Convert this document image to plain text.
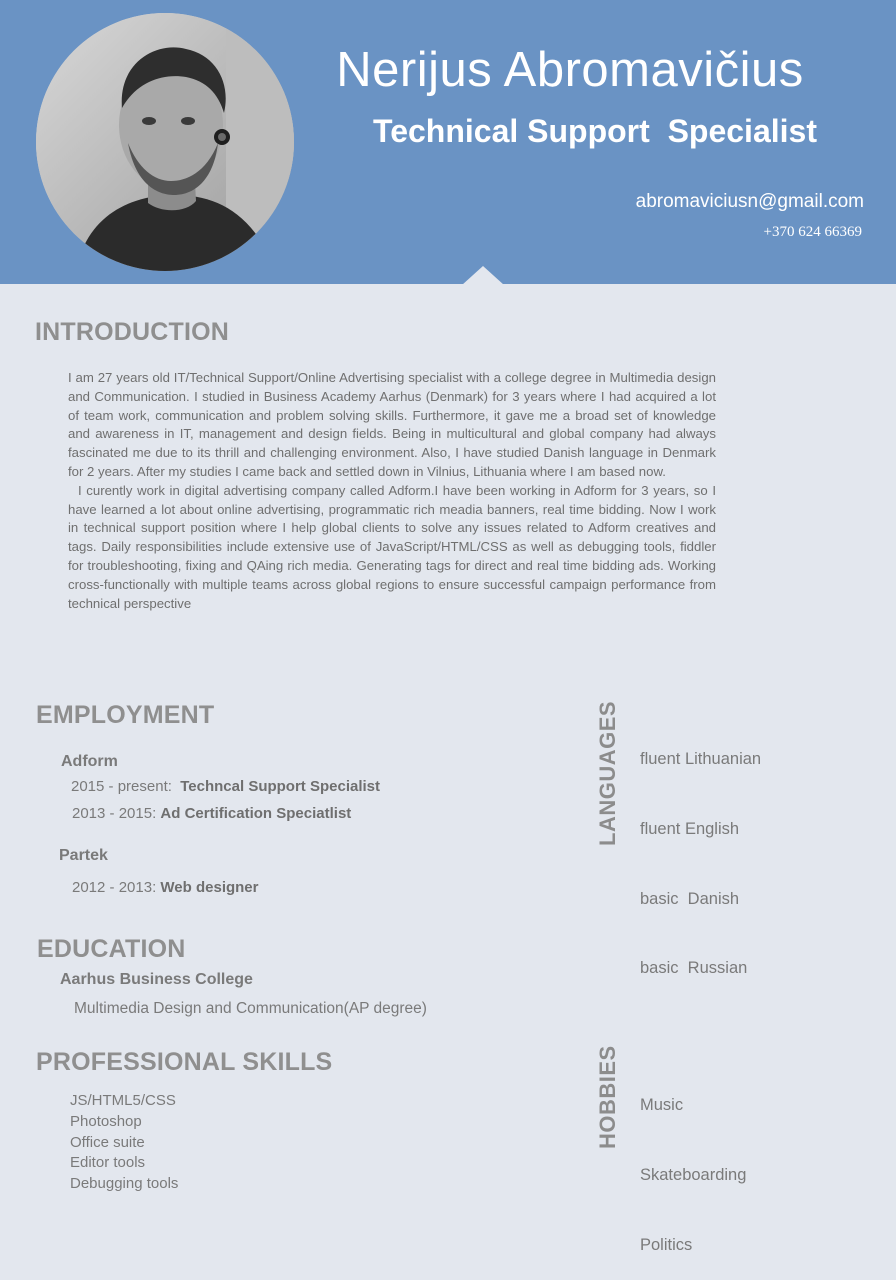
Nerijus Abromavičius
Technical Support  Specialist
abromaviciusn@gmail.com
+370 624 66369
INTRODUCTION

I am 27 years old IT/Technical Support/Online Advertising specialist with a college degree in Multimedia design and Communication. I studied in Business Academy Aarhus (Denmark) for 3 years where I had acquired a lot of team work, communication and problem solving skills. Furthermore, it gave me a broad set of knowledge and awareness in IT, management and design fields. Being in multicultural and global company had always fascinated me due to its thrill and challenging environment. Also, I have studied Danish language in Denmark for 2 years. After my studies I came back and settled down in Vilnius, Lithuania where I am based now.

I curently work in digital advertising company called Adform.I have been working in Adform for 3 years, so I have learned a lot about online advertising, programmatic rich meadia banners, real time bidding. Now I work in technical support position where I help global clients to solve any issues related to Adform creatives and tags. Daily responsibilities include extensive use of JavaScript/HTML/CSS as well as debugging tools, fiddler for troubleshooting, fixing and QAing rich media. Generating tags for direct and real time bidding ads. Working cross-functionally with multiple teams across global regions to ensure successful campaign performance from technical perspective

EMPLOYMENT
Adform
2015 - present:  Techncal Support Specialist
2013 - 2015: Ad Certification Speciatlist
Partek
2012 - 2013: Web designer
LANGUAGES

fluent Lithuanian

fluent English

basic  Danish

basic  Russian

EDUCATION
Aarhus Business College
Multimedia Design and Communication(AP degree)
PROFESSIONAL SKILLS
JS/HTML5/CSS
Photoshop
Office suite
Editor tools
Debugging tools
HOBBIES

Music

Skateboarding

Politics
